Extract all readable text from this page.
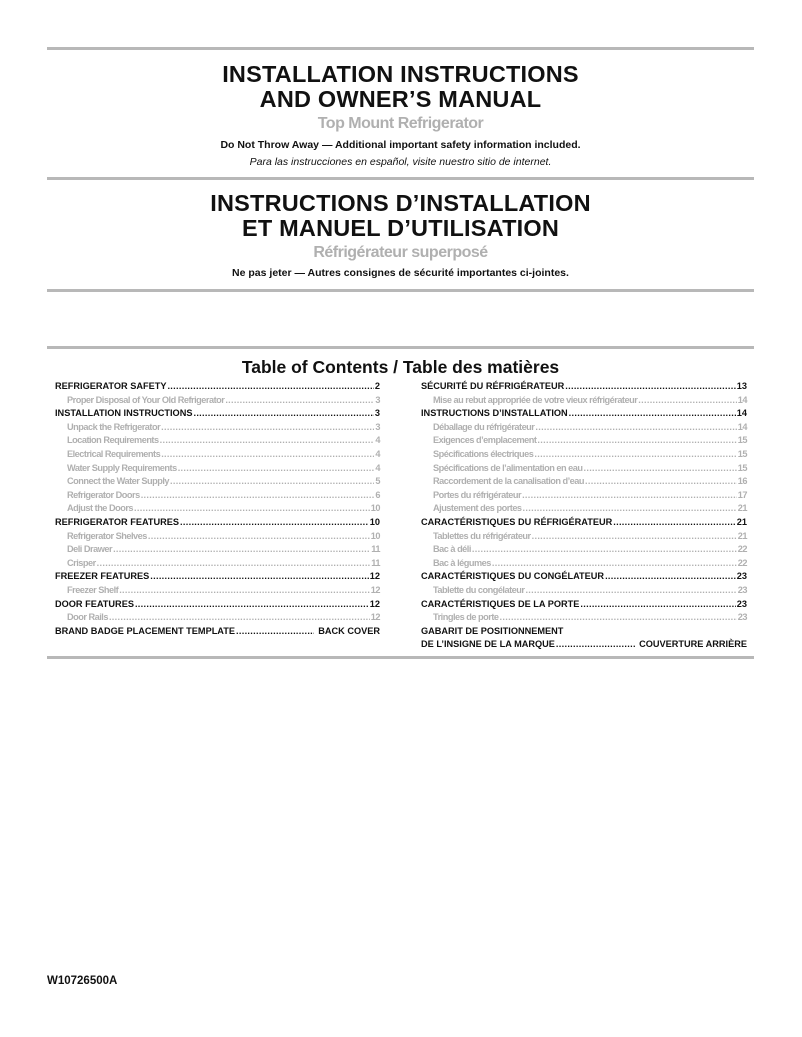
INSTALLATION INSTRUCTIONS
AND OWNER’S MANUAL
Top Mount Refrigerator
Do Not Throw Away — Additional important safety information included.
Para las instrucciones en español, visite nuestro sitio de internet.
INSTRUCTIONS D’INSTALLATION
ET MANUEL D’UTILISATION
Réfrigérateur superposé
Ne pas jeter — Autres consignes de sécurité importantes ci-jointes.
Table of Contents / Table des matières
REFRIGERATOR SAFETY .....	2
Proper Disposal of Your Old Refrigerator .....	3
INSTALLATION INSTRUCTIONS .....	3
Unpack the Refrigerator .....	3
Location Requirements .....	4
Electrical Requirements .....	4
Water Supply Requirements .....	4
Connect the Water Supply .....	5
Refrigerator Doors .....	6
Adjust the Doors .....	10
REFRIGERATOR FEATURES .....	10
Refrigerator Shelves .....	10
Deli Drawer .....	11
Crisper .....	11
FREEZER FEATURES .....	12
Freezer Shelf .....	12
DOOR FEATURES .....	12
Door Rails .....	12
BRAND BADGE PLACEMENT TEMPLATE .....	BACK COVER
SÉCURITÉ DU RÉFRIGÉRATEUR .....	13
Mise au rebut appropriée de votre vieux réfrigérateur .....	14
INSTRUCTIONS D’INSTALLATION .....	14
Déballage du réfrigérateur .....	14
Exigences d’emplacement .....	15
Spécifications électriques .....	15
Spécifications de l’alimentation en eau .....	15
Raccordement de la canalisation d’eau .....	16
Portes du réfrigérateur .....	17
Ajustement des portes .....	21
CARACTÉRISTIQUES DU RÉFRIGÉRATEUR .....	21
Tablettes du réfrigérateur .....	21
Bac à déli .....	22
Bac à légumes .....	22
CARACTÉRISTIQUES DU CONGÉLATEUR .....	23
Tablette du congélateur .....	23
CARACTÉRISTIQUES DE LA PORTE .....	23
Tringles de porte .....	23
GABARIT DE POSITIONNEMENT
DE L’INSIGNE DE LA MARQUE .....	COUVERTURE ARRIÈRE
W10726500A
